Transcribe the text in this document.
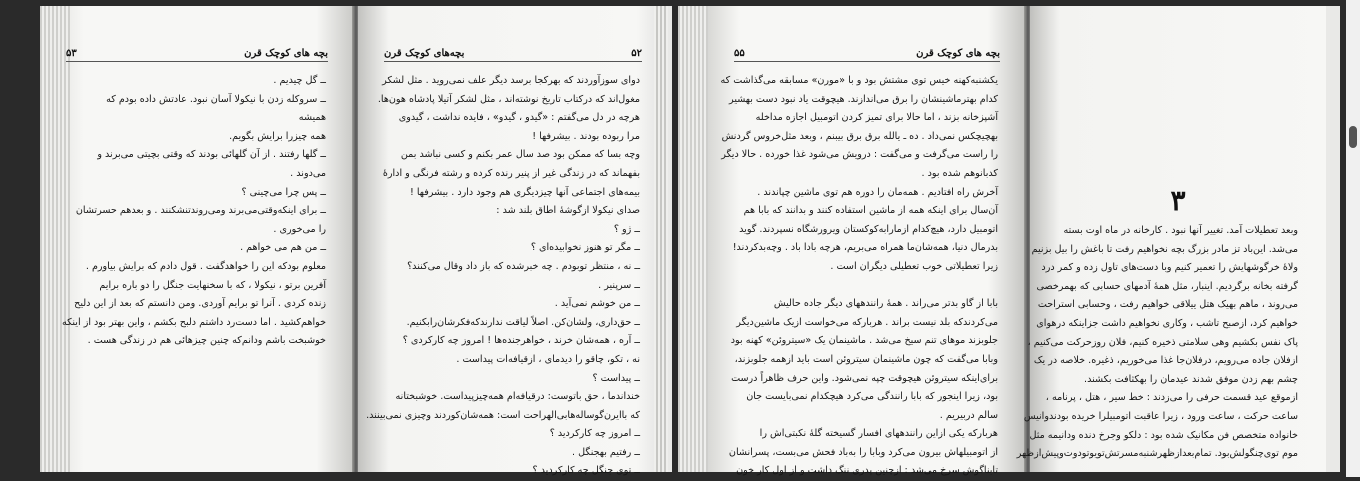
۵۳	بچه های کوچک قرن
ــ گل چیدیم .
ــ سروکله زدن با نیکولا آسان نبود. عادتش داده بودم که
همیشه
همه چیزرا برایش بگویم.
ــ گلها رفتند . از آن گلهائی بودند که وقتی بچیتی می‌برند و
می‌دوند .
ــ پس چرا می‌چینی ؟
ــ برای اینکه‌وقتی‌می‌برند و‌می‌روند‌تنشکنند . و بعدهم حسرتشان
را می‌خوری .
ــ من هم می خواهم .
معلوم بودکه این را خواهدگفت . قول دادم که برایش بیاورم .
آفرین برتو ، نیکولا ، که با سخنهایت جنگل را دو باره برایم
زنده کردی . آنرا تو برایم آوردی. ومن دانستم که بعد از این دلیح
خواهم‌کشید . اما دست‌رد داشتم دلبح بکشم ، واین بهتر بود از اینکه
خوشبخت باشم ودانم‌که چنین چیزهائی هم در زندگی هست .
بچه‌های کوچک قرن	۵۲
دوای سوزآوردند که بهرکجا برسد دیگر علف نمی‌روید . مثل لشکر
مغول‌اند که درکتاب تاریخ نوشته‌اند ، مثل لشکر آتیلا پادشاه هون‌ها.
هرچه در دل می‌گفتم : «گیدو ، گیدو» ، فایده نداشت ، گیدوی
مرا ربوده بودند . بیشرفها !
وچه بسا که ممکن بود صد سال عمر بکنم و کسی نباشد بمن
بفهماند که در زندگی غیر از پنیر رنده کرده و رشته فرنگی و ادارهٔ
بیمه‌های اجتماعی آنها چیزدیگری هم وجود دارد . بیشرفها !
صدای نیکولا ازگوشهٔ اطاق بلند شد :
ــ ژو ؟
ــ مگر تو هنوز نخوابیده‌ای ؟
ــ نه ، منتظر توبودم . چه خبرشده که باز داد وقال می‌کنند؟
ــ سرپنیر .
ــ من خوشم نمی‌آید .
ــ حق‌داری، ولشان‌کن. اصلاً لیاقت ندارند‌که‌فکرشان‌رابکنیم.
ــ آره ، همه‌شان خرند ، خواهرجنده‌ها ! امروز چه کارکردی ؟
نه ، تکو، چاقو را دیدمای ، ازقیافه‌ات پیداست .
ــ پیداست ؟
خنداندما ، حق باتوست: درقیافه‌ام همه‌چیزپیداست. خوشبختانه
که باایرن‌گوساله‌هابی‌الهراحت است: همه‌شان‌کوردند وچیزی نمی‌بینند.
ــ امروز چه کارکردید ؟
ــ رفتیم بهجنگل .
ــ توی جنگل چه کارکردید ؟
۵۵	بچه های کوچک قرن
یکشنبه‌کهنه‌ خیس توی مشتش بود و با «مورن» مسابقه می‌گذاشت که
کدام بهترماشینشان را برق می‌اندازند. هیچوقت یاد نبود دست بهشیر
آشپزخانه بزند ، اما حالا برای تمیز کردن اتومبیل اجازه مداخله
بهچیچکس نمی‌داد . ده ـ یالله برق برق بیبنم ، وبعد مثل‌خروس گردنش
را راست می‌گرفت و می‌گفت : درویش می‌شود غذا خورده . حالا دیگر
کدبانوهم شده بود .
آخرش راه افتادیم . همه‌مان را دوره هم توی ماشین چپاندند .
آن‌سال برای اینکه همه از ماشین استفاده کنند و بدانند که بابا هم
اتومبیل دارد، هیچ‌کدام ازمارابه‌کوکستان ویرورشگاه نسپردند. گوید
بدرمال دنیا، همه‌شان‌ما همراه می‌بریم، هرچه بادا باد . وچه‌بدکردند!
زیرا تعطیلاتی خوب تعطیلی دیگران است .

بابا از گاو بدتر می‌راند . همهٔ رانندههای دیگر جاده حالیش
می‌کردندکه بلد نیست براند . هربارکه می‌خواست ازیک ماشین‌دیگر
جلوبزند موهای تنم سیخ می‌شد . ماشینمان یک «سیتروئن» کهنه بود
وبابا می‌گفت که چون ماشینمان سیتروئن است باید ازهمه جلوبزند،
برای‌اینکه سیتروئن هیچوقت چپه نمی‌شود. واین حرف ظاهراً درست
بود، زیرا اینجور که بابا رانندگی می‌کرد هیچکدام نمی‌بایست جان
سالم دربیریم .
هربارکه یکی ازاین رانندههای افسار گسیخته گلهٔ نکبتی‌اش را
از اتومبیلهاش بیرون می‌کرد وبابا را به‌باد فحش می‌بست، پسرانشان
تابناگوش سرخ می‌شد : ازچنین پدری ننگ داشت و از اول کار خون
۳
وبعد تعطیلات آمد. تغییر آنها نبود . کارخانه در ماه اوت بسته
می‌شد. این‌باد تز مادر بزرگ بچه نخواهیم رفت تا باغش را بیل بزنیم
ولاهٔ خرگوشهایش را تعمیر کنیم وبا دست‌های تاول زده و کمر درد
گرفته بخانه برگردیم. اینبار، مثل همهٔ آدمهای حسابی که بهمرخصی
می‌روند ، ماهم بهیک هتل ییلاقی خواهیم رفت ، وحسابی استراحت
خواهیم کرد، ازصبح تاشب ، وکاری نخواهیم داشت جزاینکه درهوای
پاک نفس بکشیم وهی سلامتی ذخیره کنیم، فلان روزحرکت می‌کنیم ،
ازفلان جاده می‌رویم، درفلان‌جا غذا می‌خوریم، ذغیره. خلاصه در یک
چشم بهم زدن موفق شدند عیدمان را بهکثافت بکشند.
ازموقع عید قسمت حرفی را می‌زدند : خط سیر ، هتل ، پرنامه ،
ساعت حرکت ، ساعت ورود ، زیرا عاقبت اتومبیلرا خریده بودندوانیس
خانواده متخصص فن مکانیک شده بود : دلکو وجرخ دنده ودانیمه مثل
موم توی‌چنگولش‌بود. تمام‌بعدازظهرشنبه‌مسرتش‌تویوتودوت‌وپیش‌ازظهر
